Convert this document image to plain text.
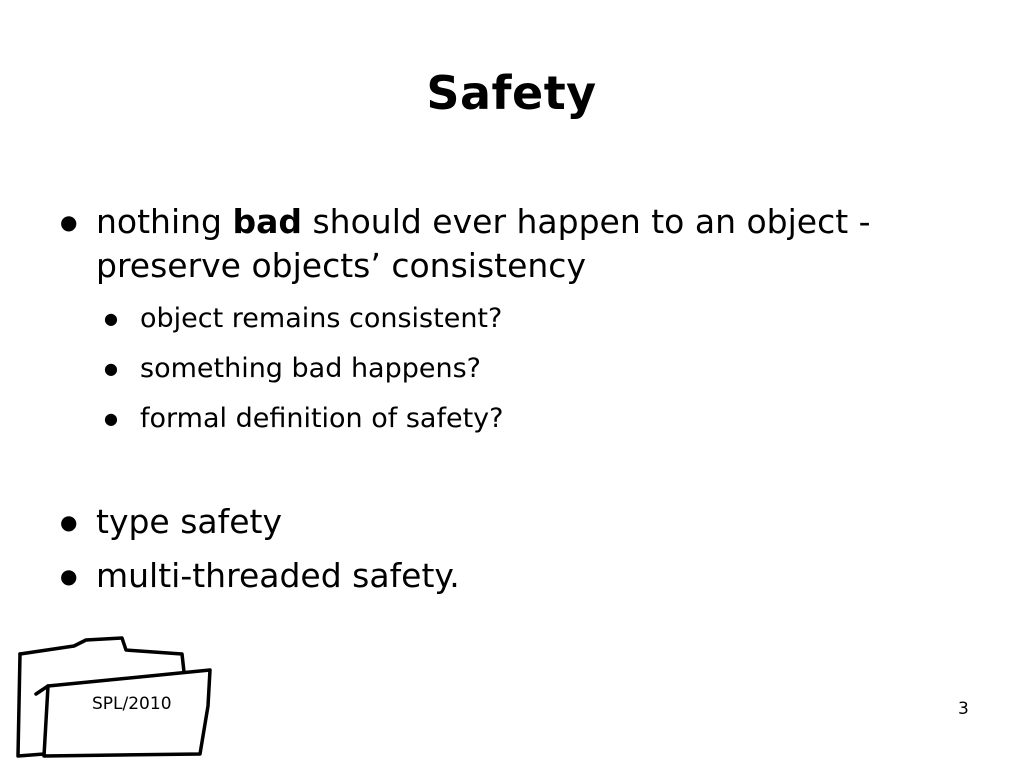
Safety
● nothing bad should ever happen to an object - preserve objects’ consistency
● object remains consistent?
● something bad happens?
● formal definition of safety?
● type safety
● multi-threaded safety.
SPL/2010	3
